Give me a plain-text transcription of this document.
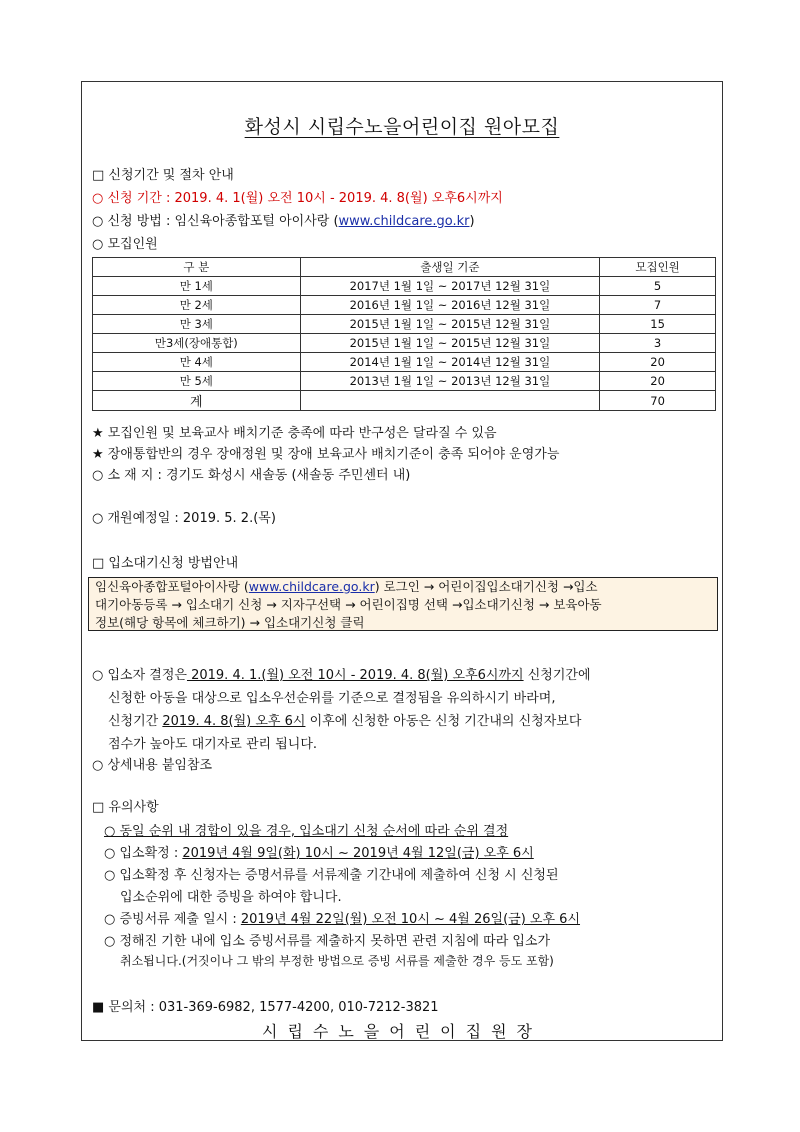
화성시 시립수노을어린이집 원아모집
□ 신청기간 및 절차 안내
○ 신청 기간 : 2019. 4. 1(월) 오전 10시 - 2019. 4. 8(월) 오후6시까지
○ 신청 방법 : 임신육아종합포털 아이사랑 (www.childcare.go.kr)
○ 모집인원
구 분	출생일 기준	모집인원
만 1세	2017년 1월 1일 ~ 2017년 12월 31일	5
만 2세	2016년 1월 1일 ~ 2016년 12월 31일	7
만 3세	2015년 1월 1일 ~ 2015년 12월 31일	15
만3세(장애통합)	2015년 1월 1일 ~ 2015년 12월 31일	3
만 4세	2014년 1월 1일 ~ 2014년 12월 31일	20
만 5세	2013년 1월 1일 ~ 2013년 12월 31일	20
계		70
★ 모집인원 및 보육교사 배치기준 충족에 따라 반구성은 달라질 수 있음
★ 장애통합반의 경우 장애정원 및 장애 보육교사 배치기준이 충족 되어야 운영가능
○ 소 재 지 : 경기도 화성시 새솔동 (새솔동 주민센터 내)
○ 개원예정일 : 2019. 5. 2.(목)
□ 입소대기신청 방법안내
임신육아종합포털아이사랑 (www.childcare.go.kr) 로그인 → 어린이집입소대기신청 →입소
대기아동등록 → 입소대기 신청 → 지자구선택 → 어린이집명 선택 →입소대기신청 → 보육아동
정보(해당 항목에 체크하기) → 입소대기신청 클릭
○ 입소자 결정은 2019. 4. 1.(월) 오전 10시 - 2019. 4. 8(월) 오후6시까지 신청기간에
신청한 아동을 대상으로 입소우선순위를 기준으로 결정됨을 유의하시기 바라며,
신청기간 2019. 4. 8(월) 오후 6시 이후에 신청한 아동은 신청 기간내의 신청자보다
점수가 높아도 대기자로 관리 됩니다.
○ 상세내용 붙임참조
□ 유의사항
○ 동일 순위 내 경합이 있을 경우, 입소대기 신청 순서에 따라 순위 결정
○ 입소확정 : 2019년 4월 9일(화) 10시 ~ 2019년 4월 12일(금) 오후 6시
○ 입소확정 후 신청자는 증명서류를 서류제출 기간내에 제출하여 신청 시 신청된
입소순위에 대한 증빙을 하여야 합니다.
○ 증빙서류 제출 일시 : 2019년 4월 22일(월) 오전 10시 ~ 4월 26일(금) 오후 6시
○ 정해진 기한 내에 입소 증빙서류를 제출하지 못하면 관련 지침에 따라 입소가
취소됩니다.(거짓이나 그 밖의 부정한 방법으로 증빙 서류를 제출한 경우 등도 포함)
■ 문의처 : 031-369-6982, 1577-4200, 010-7212-3821
시립수노을어린이집원장
